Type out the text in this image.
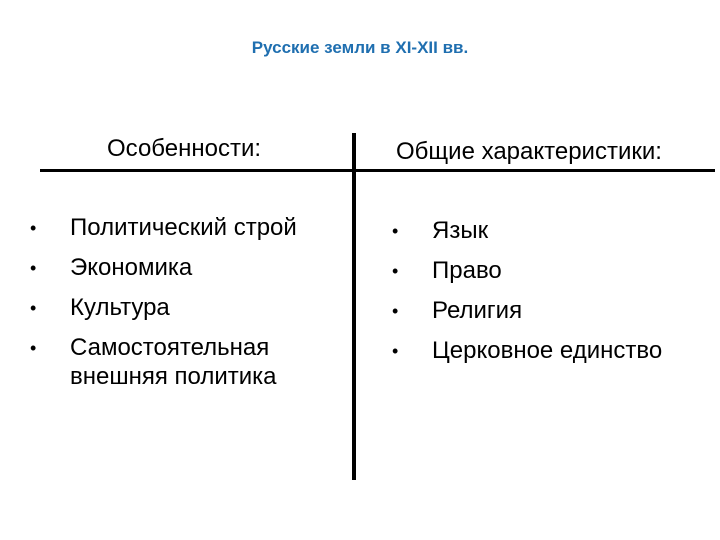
Русские земли в XI-XII вв.
Особенности:	Общие характеристики:
• Политический строй
• Экономика
• Культура
• Самостоятельная
внешняя политика
• Язык
• Право
• Религия
• Церковное единство
